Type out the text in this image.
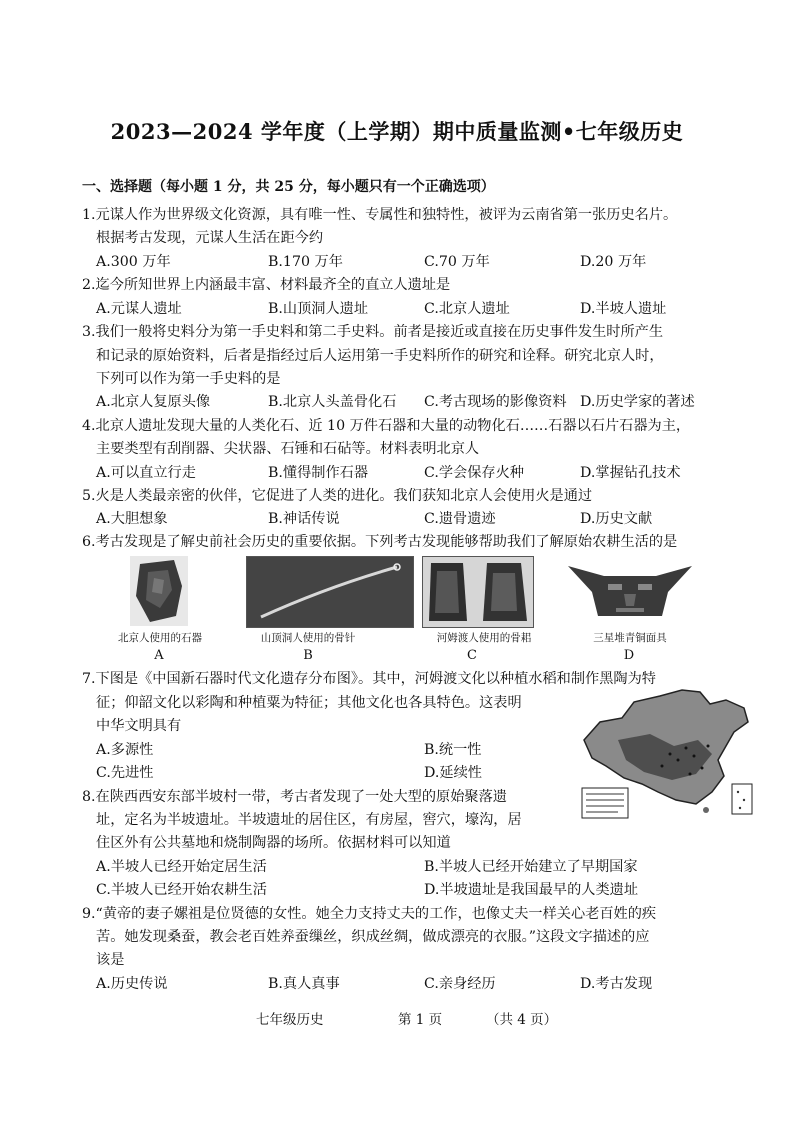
2023—2024 学年度（上学期）期中质量监测•七年级历史
一、选择题（每小题 1 分，共 25 分，每小题只有一个正确选项）
1.元谋人作为世界级文化资源，具有唯一性、专属性和独特性，被评为云南省第一张历史名片。
根据考古发现，元谋人生活在距今约
A.300 万年	B.170 万年	C.70 万年	D.20 万年
2.迄今所知世界上内涵最丰富、材料最齐全的直立人遗址是
A.元谋人遗址	B.山顶洞人遗址	C.北京人遗址	D.半坡人遗址
3.我们一般将史料分为第一手史料和第二手史料。前者是接近或直接在历史事件发生时所产生
和记录的原始资料，后者是指经过后人运用第一手史料所作的研究和诠释。研究北京人时，
下列可以作为第一手史料的是
A.北京人复原头像	B.北京人头盖骨化石 C.考古现场的影像资料 D.历史学家的著述
4.北京人遗址发现大量的人类化石、近 10 万件石器和大量的动物化石……石器以石片石器为主，
主要类型有刮削器、尖状器、石锤和石砧等。材料表明北京人
A.可以直立行走	B.懂得制作石器	C.学会保存火种	D.掌握钻孔技术
5.火是人类最亲密的伙伴，它促进了人类的进化。我们获知北京人会使用火是通过
A.大胆想象	B.神话传说	C.遗骨遗迹	D.历史文献
6.考古发现是了解史前社会历史的重要依据。下列考古发现能够帮助我们了解原始农耕生活的是
北京人使用的石器	山顶洞人使用的骨针	河姆渡人使用的骨耜	三星堆青铜面具
A	B	C	D
7.下图是《中国新石器时代文化遗存分布图》。其中，河姆渡文化以种植水稻和制作黑陶为特
征；仰韶文化以彩陶和种植粟为特征；其他文化也各具特色。这表明
中华文明具有
A.多源性	B.统一性
C.先进性	D.延续性
8.在陕西西安东部半坡村一带，考古者发现了一处大型的原始聚落遗
址，定名为半坡遗址。半坡遗址的居住区，有房屋，窖穴，壕沟，居
住区外有公共墓地和烧制陶器的场所。依据材料可以知道
A.半坡人已经开始定居生活	B.半坡人已经开始建立了早期国家
C.半坡人已经开始农耕生活	D.半坡遗址是我国最早的人类遗址
9.“黄帝的妻子嫘祖是位贤德的女性。她全力支持丈夫的工作，也像丈夫一样关心老百姓的疾
苦。她发现桑蚕，教会老百姓养蚕缫丝，织成丝绸，做成漂亮的衣服。”这段文字描述的应
该是
A.历史传说	B.真人真事	C.亲身经历	D.考古发现
七年级历史	第 1 页	（共 4 页）
